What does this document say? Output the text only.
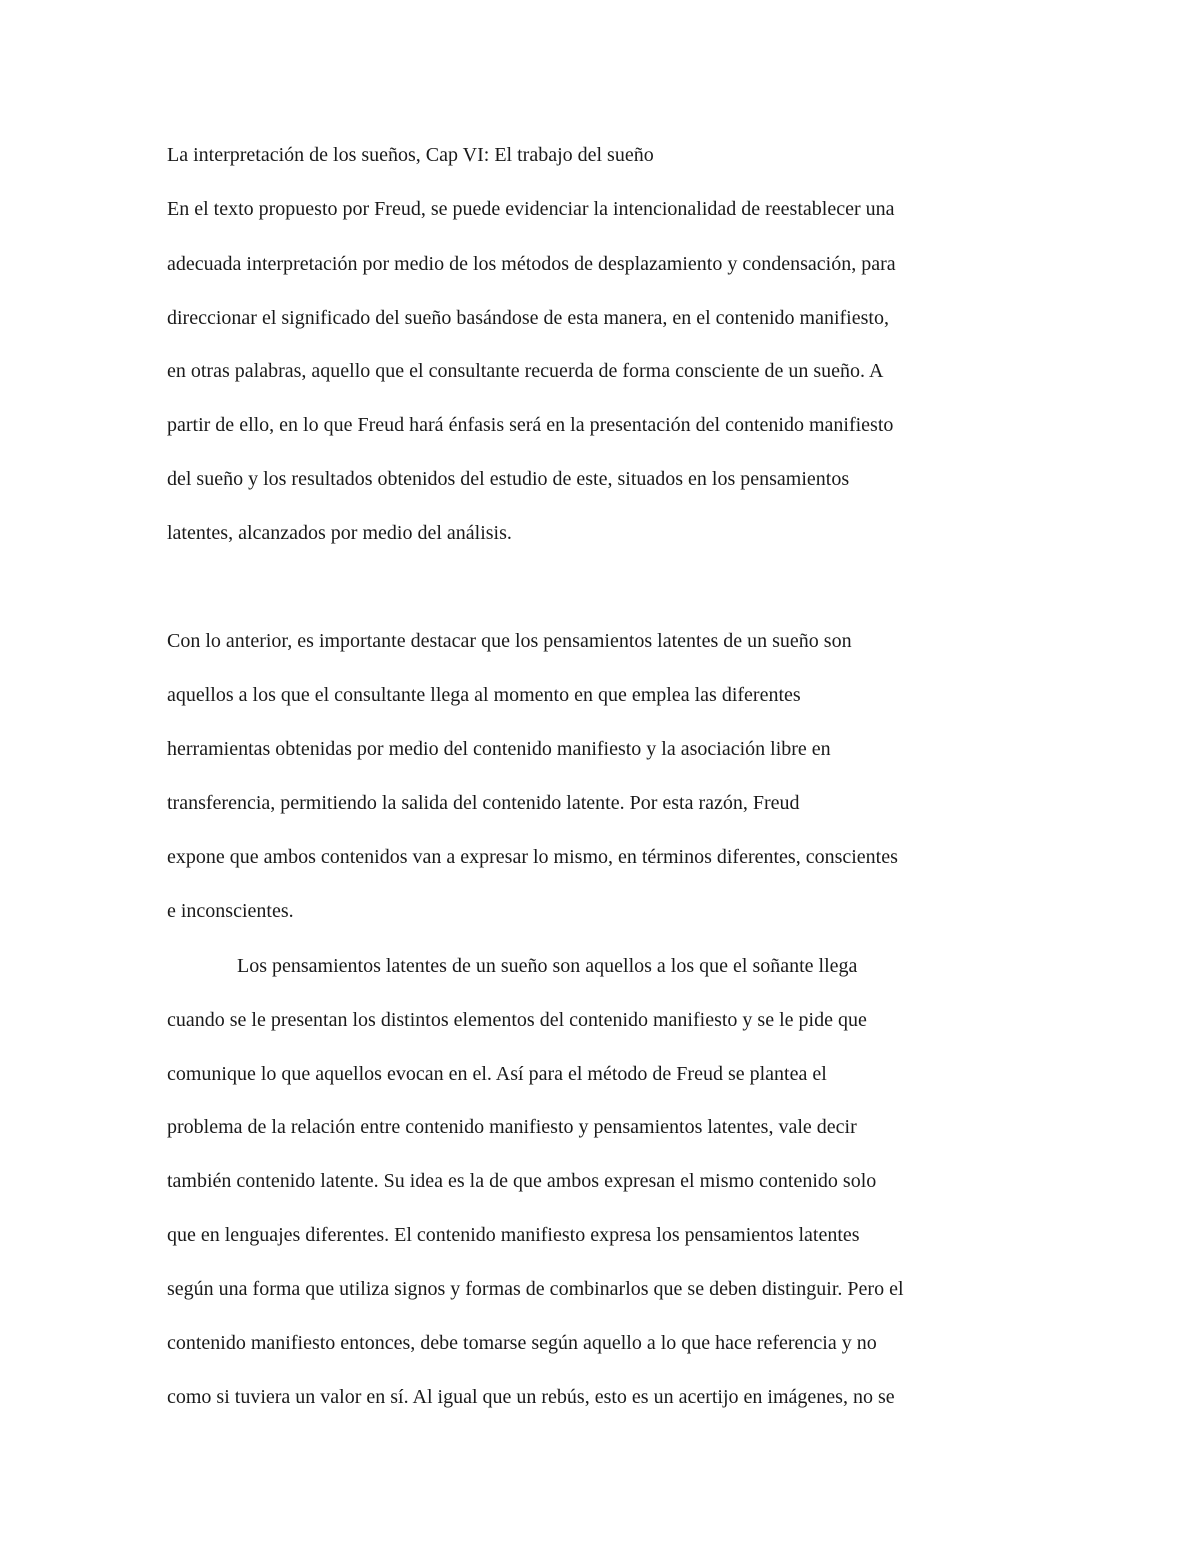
La interpretación de los sueños, Cap VI: El trabajo del sueño
En el texto propuesto por Freud, se puede evidenciar la intencionalidad de reestablecer una
adecuada interpretación por medio de los métodos de desplazamiento y condensación, para
direccionar el significado del sueño basándose de esta manera, en el contenido manifiesto,
en otras palabras, aquello que el consultante recuerda de forma consciente de un sueño. A
partir de ello, en lo que Freud hará énfasis será en la presentación del contenido manifiesto
del sueño y los resultados obtenidos del estudio de este, situados en los pensamientos
latentes, alcanzados por medio del análisis.
Con lo anterior, es importante destacar que los pensamientos latentes de un sueño son
aquellos a los que el consultante llega al momento en que emplea las diferentes
herramientas obtenidas por medio del contenido manifiesto y la asociación libre en
transferencia, permitiendo la salida del contenido latente. Por esta razón, Freud
expone que ambos contenidos van a expresar lo mismo, en términos diferentes, conscientes
e inconscientes.
Los pensamientos latentes de un sueño son aquellos a los que el soñante llega
cuando se le presentan los distintos elementos del contenido manifiesto y se le pide que
comunique lo que aquellos evocan en el. Así para el método de Freud se plantea el
problema de la relación entre contenido manifiesto y pensamientos latentes, vale decir
también contenido latente. Su idea es la de que ambos expresan el mismo contenido solo
que en lenguajes diferentes. El contenido manifiesto expresa los pensamientos latentes
según una forma que utiliza signos y formas de combinarlos que se deben distinguir. Pero el
contenido manifiesto entonces, debe tomarse según aquello a lo que hace referencia y no
como si tuviera un valor en sí. Al igual que un rebús, esto es un acertijo en imágenes, no se
